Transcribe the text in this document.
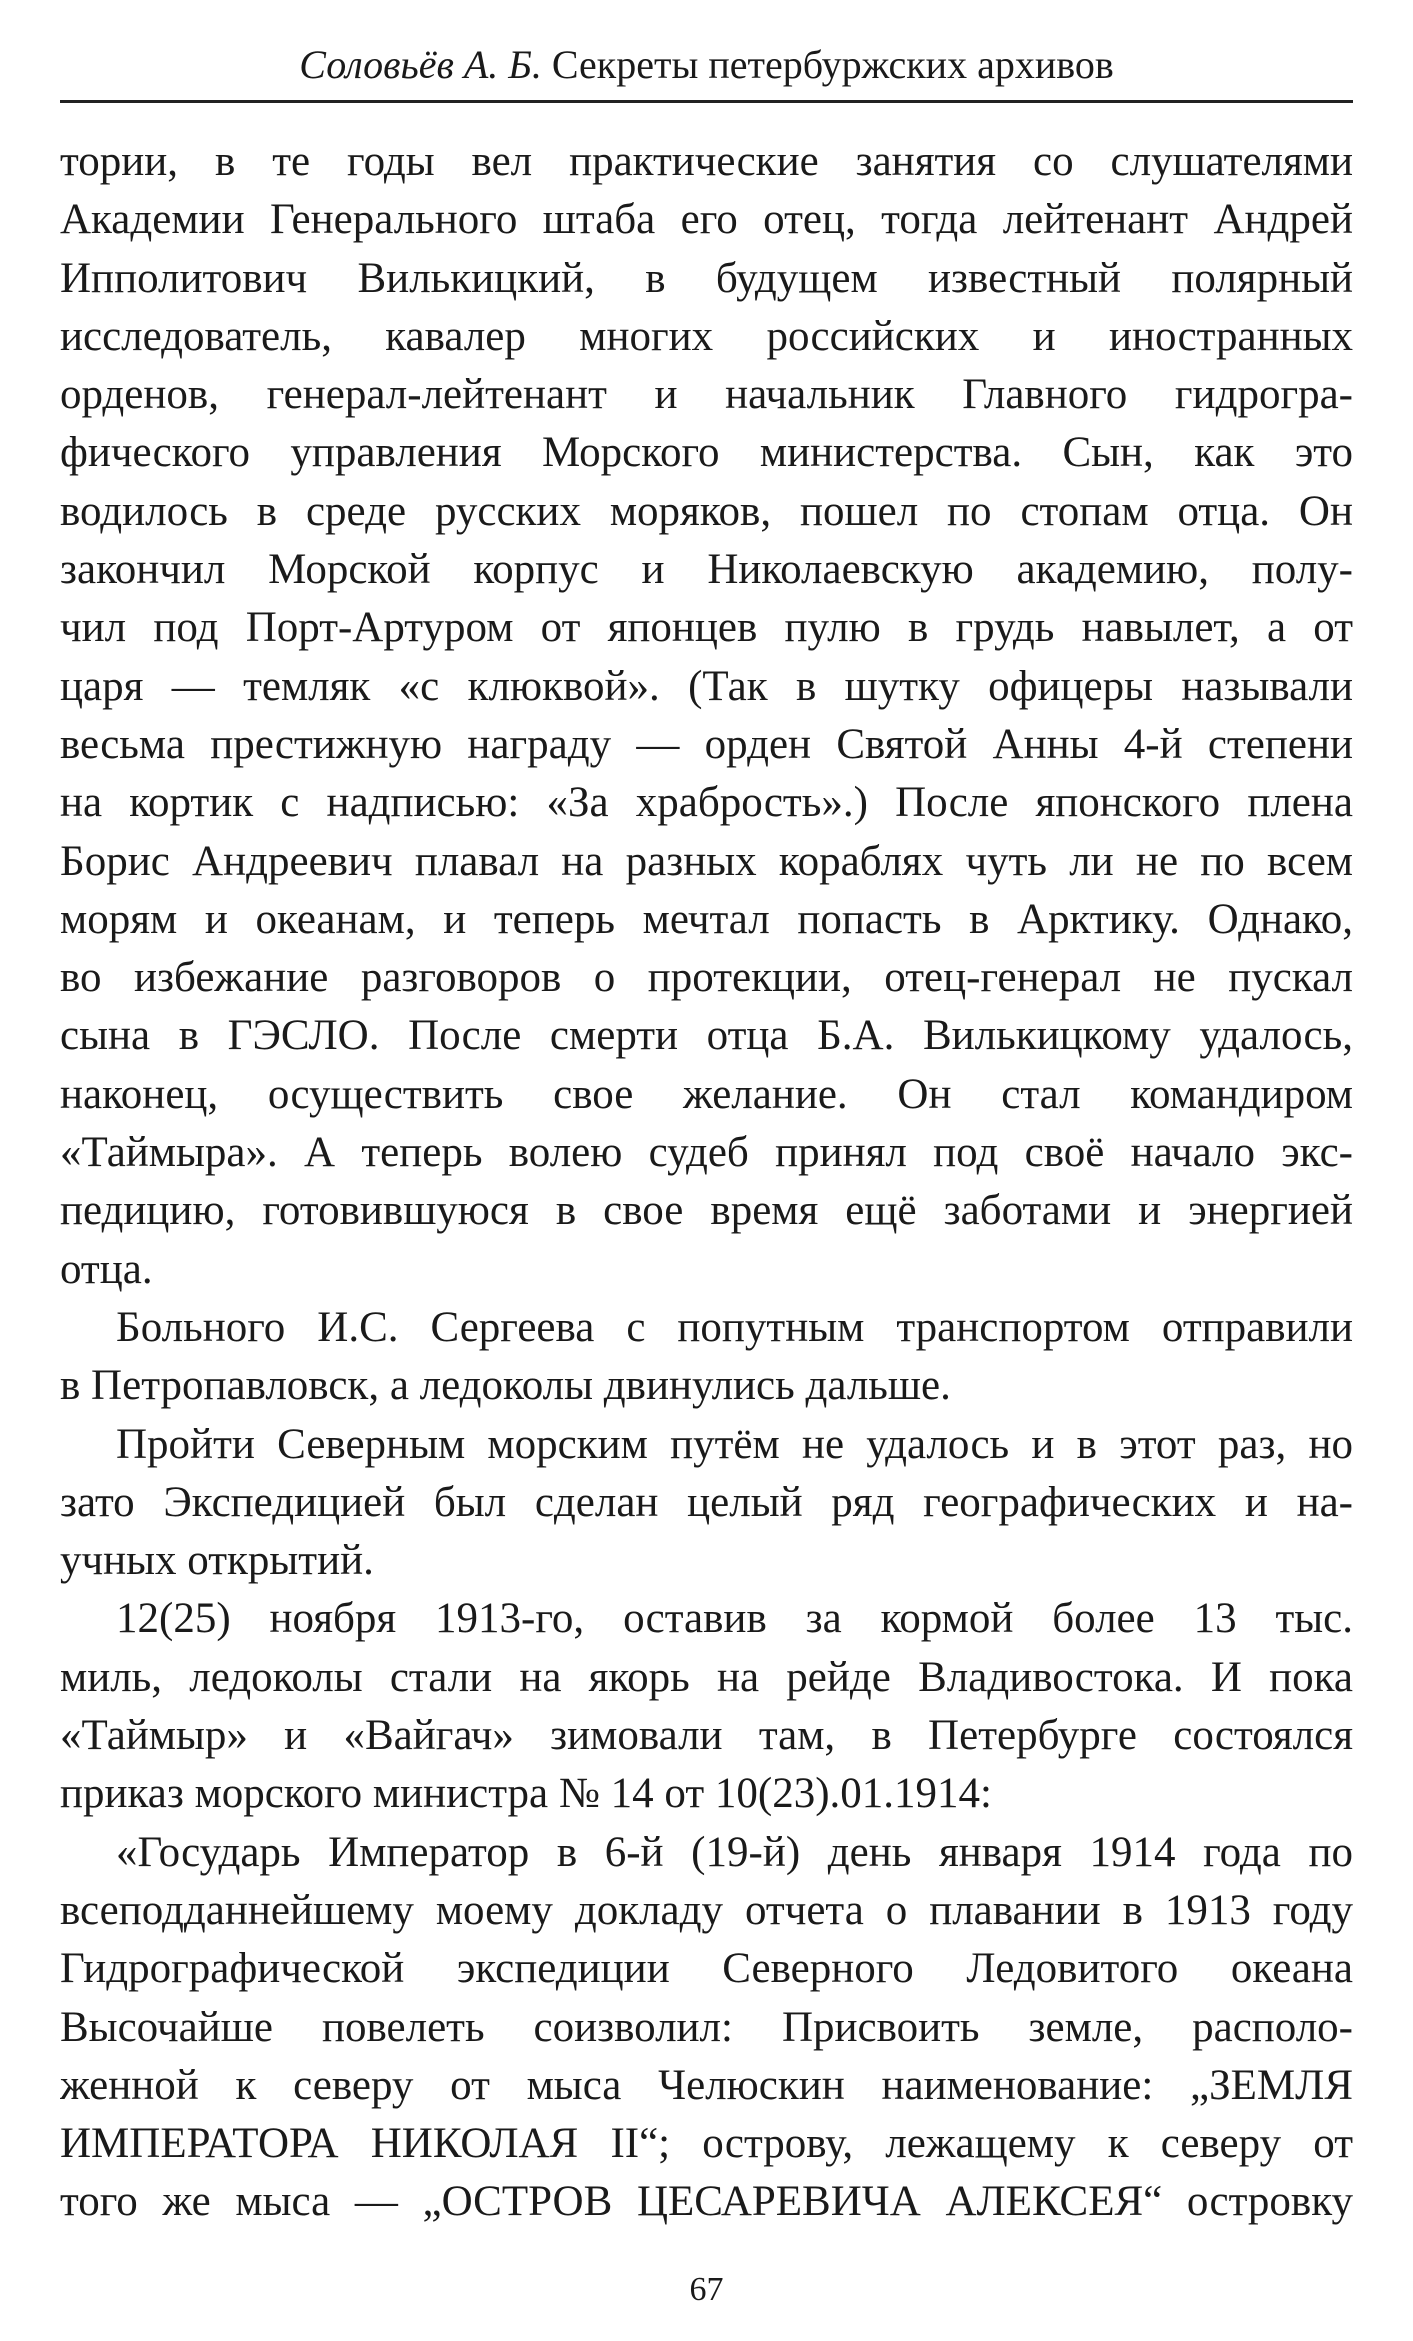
Соловьёв А. Б. Секреты петербуржских архивов
тории, в те годы вел практические занятия со слушателями
Академии Генерального штаба его отец, тогда лейтенант Андрей
Ипполитович Вилькицкий, в будущем известный полярный
исследователь, кавалер многих российских и иностранных
орденов, генерал-лейтенант и начальник Главного гидрогра-
фического управления Морского министерства. Сын, как это
водилось в среде русских моряков, пошел по стопам отца. Он
закончил Морской корпус и Николаевскую академию, полу-
чил под Порт-Артуром от японцев пулю в грудь навылет, а от
царя — темляк «с клюквой». (Так в шутку офицеры называли
весьма престижную награду — орден Святой Анны 4-й степени
на кортик с надписью: «За храбрость».) После японского плена
Борис Андреевич плавал на разных кораблях чуть ли не по всем
морям и океанам, и теперь мечтал попасть в Арктику. Однако,
во избежание разговоров о протекции, отец-генерал не пускал
сына в ГЭСЛО. После смерти отца Б.А. Вилькицкому удалось,
наконец, осуществить свое желание. Он стал командиром
«Таймыра». А теперь волею судеб принял под своё начало экс-
педицию, готовившуюся в свое время ещё заботами и энергией
отца.
Больного И.С. Сергеева с попутным транспортом отправили
в Петропавловск, а ледоколы двинулись дальше.
Пройти Северным морским путём не удалось и в этот раз, но
зато Экспедицией был сделан целый ряд географических и на-
учных открытий.
12(25) ноября 1913-го, оставив за кормой более 13 тыс.
миль, ледоколы стали на якорь на рейде Владивостока. И пока
«Таймыр» и «Вайгач» зимовали там, в Петербурге состоялся
приказ морского министра № 14 от 10(23).01.1914:
«Государь Император в 6-й (19-й) день января 1914 года по
всеподданнейшему моему докладу отчета о плавании в 1913 году
Гидрографической экспедиции Северного Ледовитого океана
Высочайше повелеть соизволил: Присвоить земле, располо-
женной к северу от мыса Челюскин наименование: „ЗЕМЛЯ
ИМПЕРАТОРА НИКОЛАЯ II“; острову, лежащему к северу от
того же мыса — „ОСТРОВ ЦЕСАРЕВИЧА АЛЕКСЕЯ“ островку
67
